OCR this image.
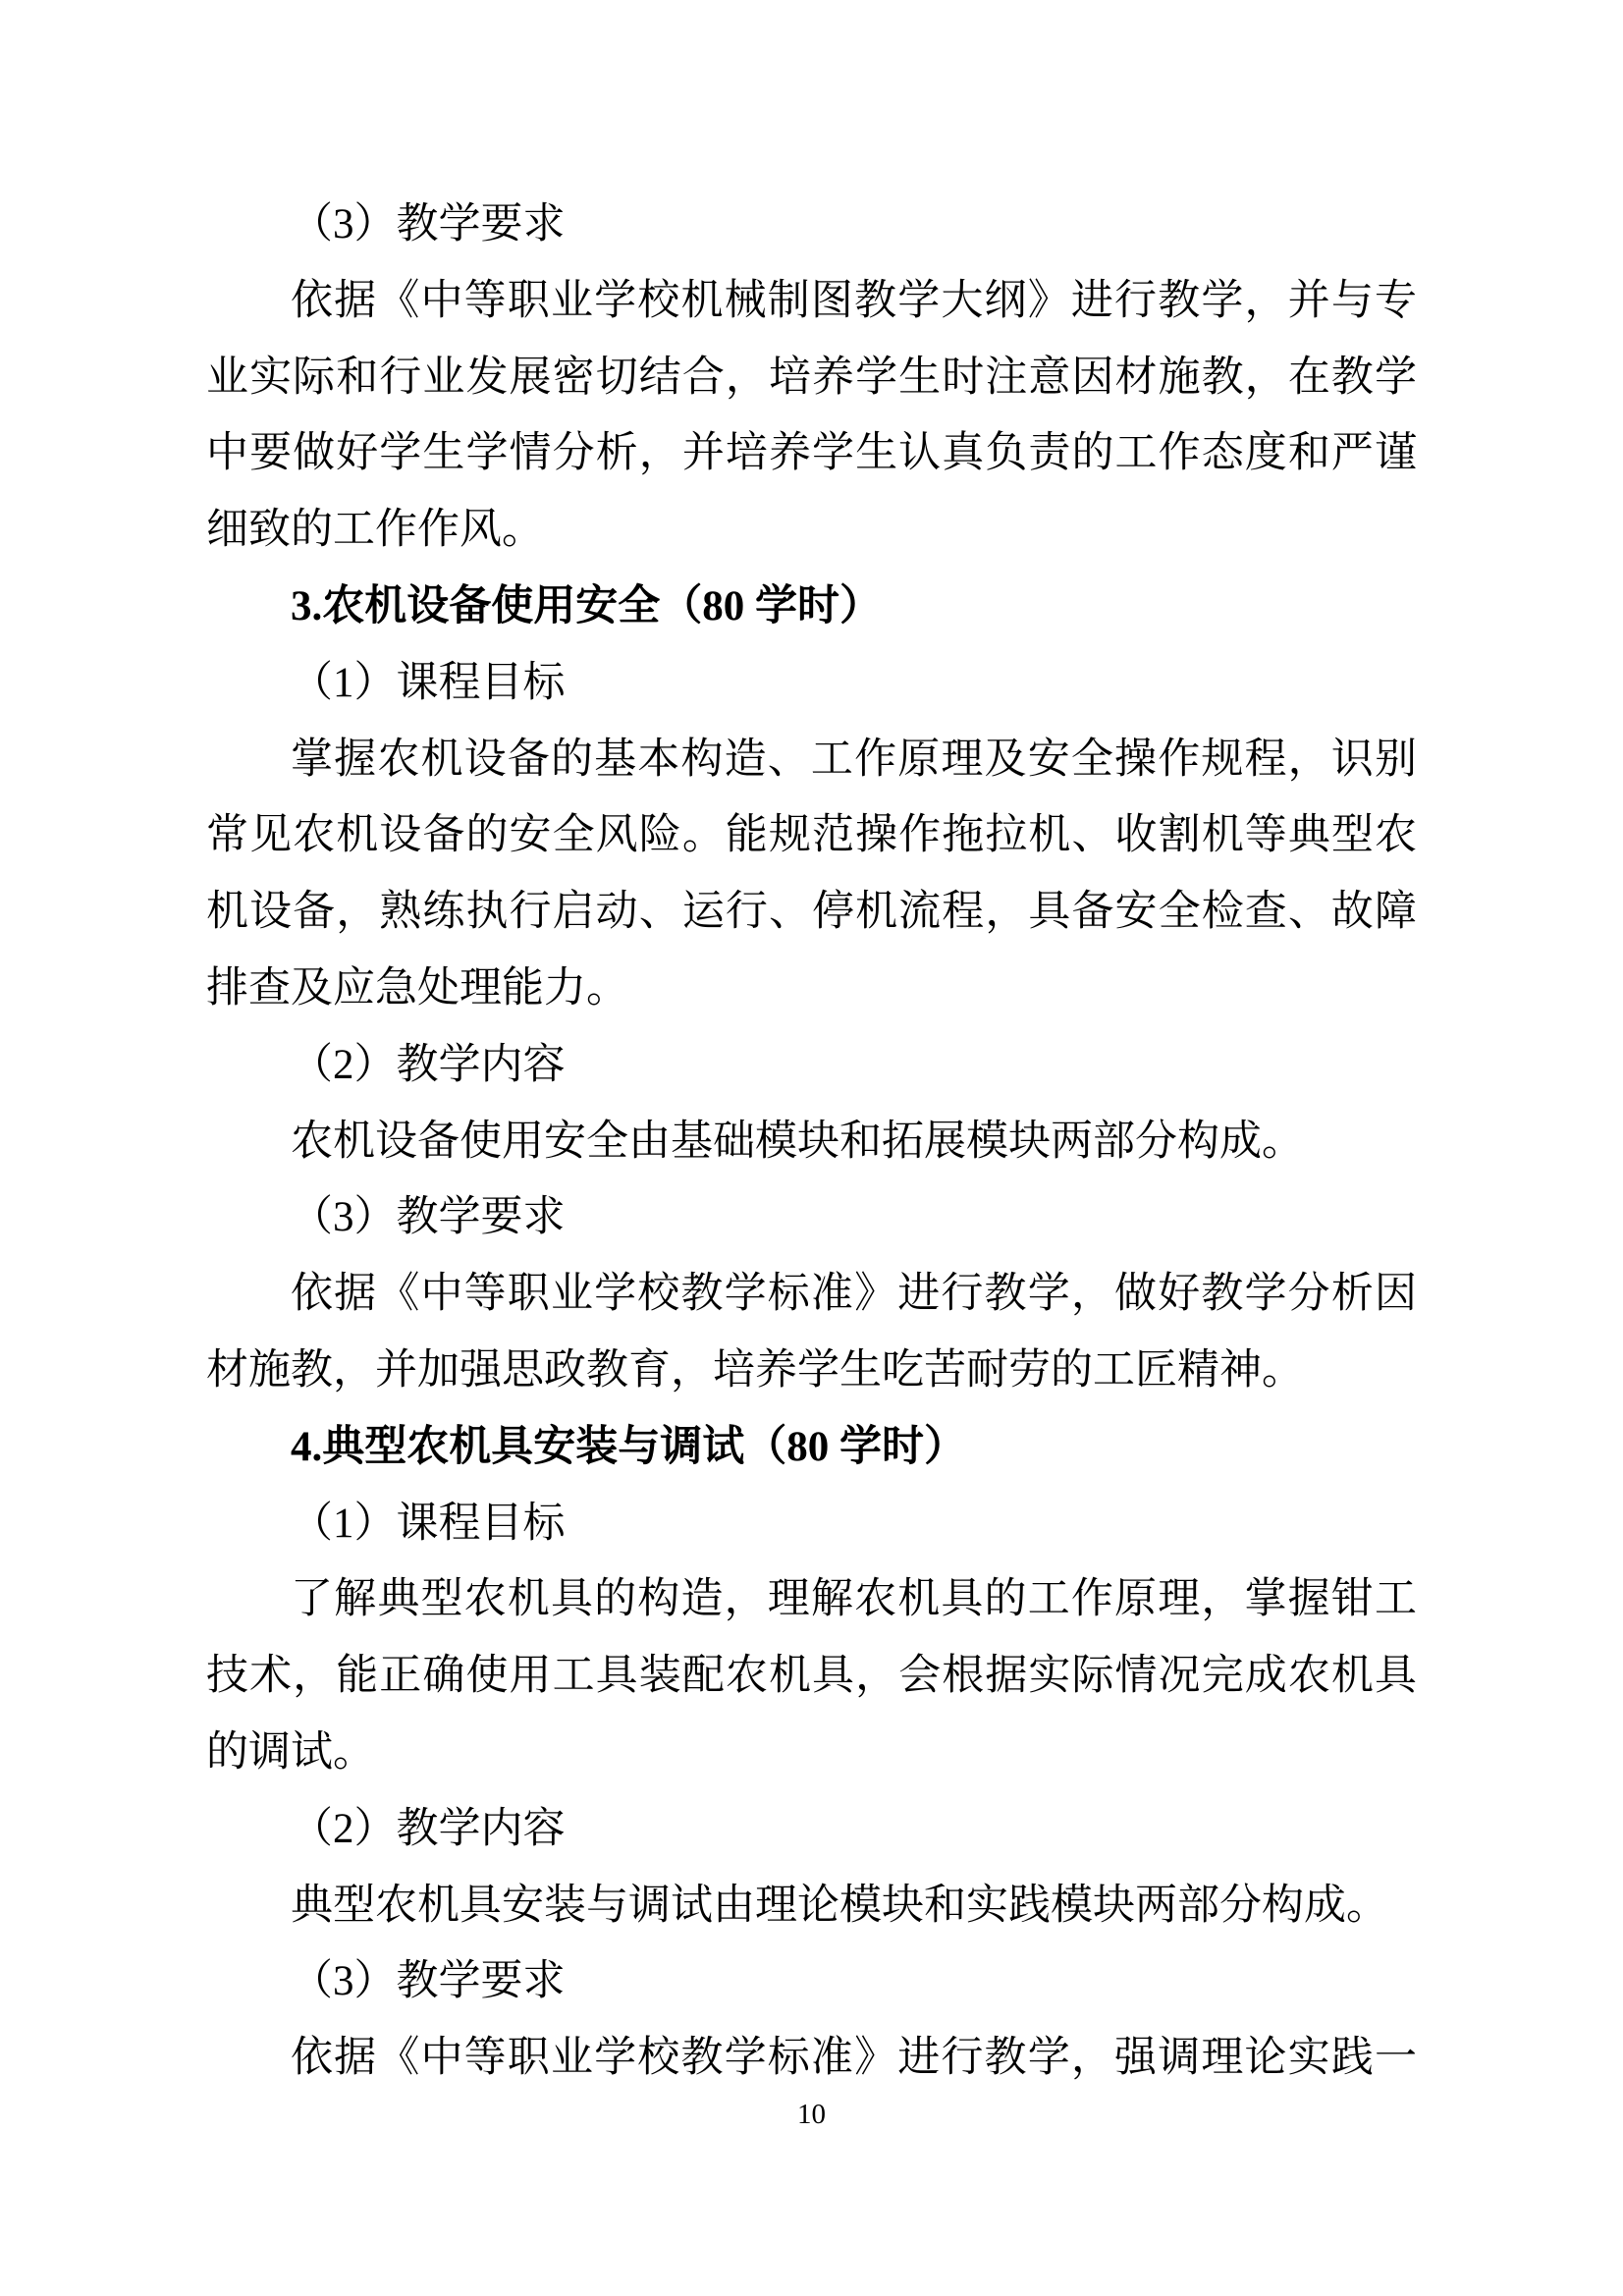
（3）教学要求
依据《中等职业学校机械制图教学大纲》进行教学，并与专
业实际和行业发展密切结合，培养学生时注意因材施教，在教学
中要做好学生学情分析，并培养学生认真负责的工作态度和严谨
细致的工作作风。
3.农机设备使用安全（80 学时）
（1）课程目标
掌握农机设备的基本构造、工作原理及安全操作规程，识别
常见农机设备的安全风险。能规范操作拖拉机、收割机等典型农
机设备，熟练执行启动、运行、停机流程，具备安全检查、故障
排查及应急处理能力。
（2）教学内容
农机设备使用安全由基础模块和拓展模块两部分构成。
（3）教学要求
依据《中等职业学校教学标准》进行教学，做好教学分析因
材施教，并加强思政教育，培养学生吃苦耐劳的工匠精神。
4.典型农机具安装与调试（80 学时）
（1）课程目标
了解典型农机具的构造，理解农机具的工作原理，掌握钳工
技术，能正确使用工具装配农机具，会根据实际情况完成农机具
的调试。
（2）教学内容
典型农机具安装与调试由理论模块和实践模块两部分构成。
（3）教学要求
依据《中等职业学校教学标准》进行教学，强调理论实践一
10
